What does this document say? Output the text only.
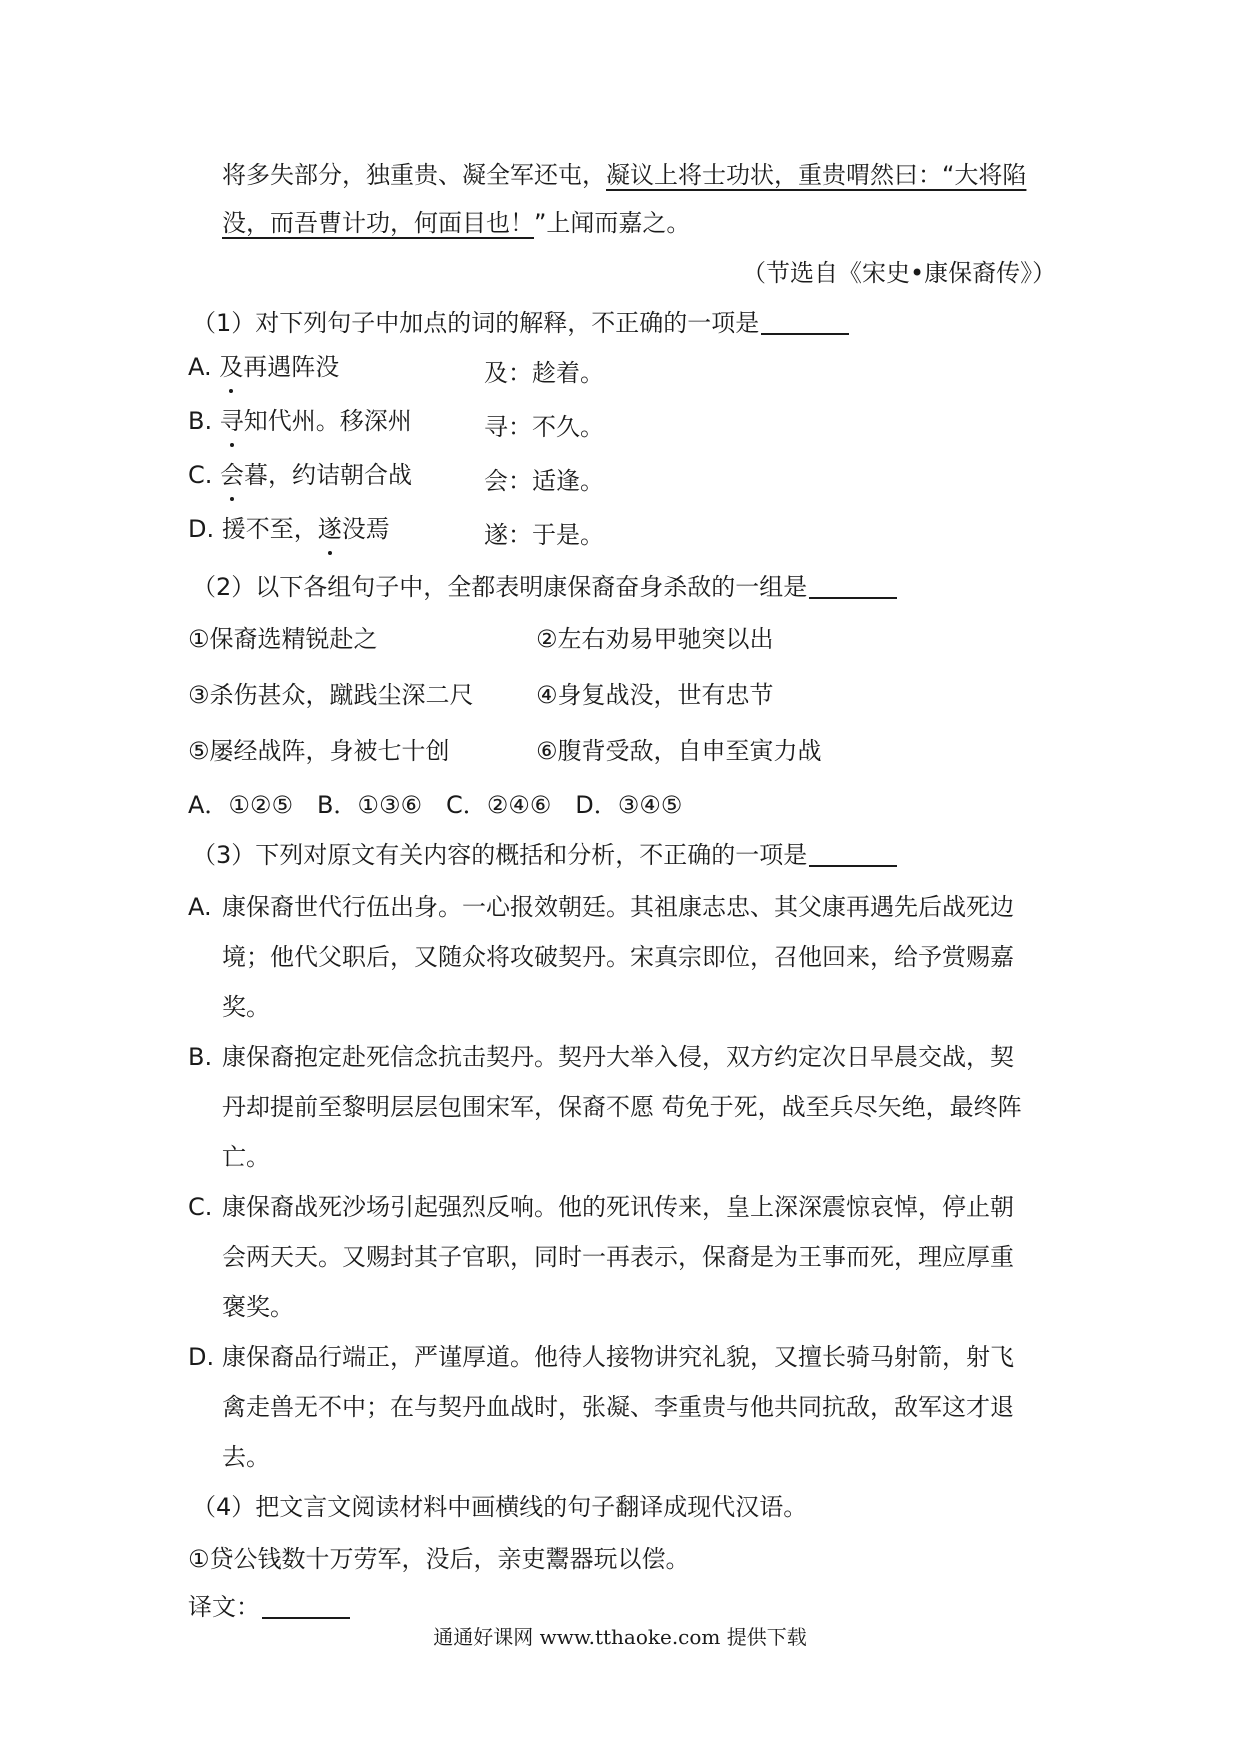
将多失部分，独重贵、凝全军还屯，凝议上将士功状，重贵喟然曰：“大将陷
没，而吾曹计功，何面目也！”上闻而嘉之。
（节选自《宋史•康保裔传》）
（1）对下列句子中加点的词的解释，不正确的一项是
A. 及再遇阵没	及：趁着。
B. 寻知代州。移深州	寻：不久。
C. 会暮，约诘朝合战	会：适逢。
D. 援不至，遂没焉	遂：于是。
（2）以下各组句子中，全都表明康保裔奋身杀敌的一组是
①保裔选精锐赴之	②左右劝易甲驰突以出
③杀伤甚众，蹴践尘深二尺	④身复战没，世有忠节
⑤屡经战阵，身被七十创	⑥腹背受敌，自申至寅力战
A．①②⑤　B．①③⑥　C．②④⑥　D．③④⑤
（3）下列对原文有关内容的概括和分析，不正确的一项是
A. 康保裔世代行伍出身。一心报效朝廷。其祖康志忠、其父康再遇先后战死边
境；他代父职后，又随众将攻破契丹。宋真宗即位，召他回来，给予赏赐嘉
奖。
B. 康保裔抱定赴死信念抗击契丹。契丹大举入侵，双方约定次日早晨交战，契
丹却提前至黎明层层包围宋军，保裔不愿 苟免于死，战至兵尽矢绝，最终阵
亡。
C. 康保裔战死沙场引起强烈反响。他的死讯传来，皇上深深震惊哀悼，停止朝
会两天天。又赐封其子官职，同时一再表示，保裔是为王事而死，理应厚重
褒奖。
D. 康保裔品行端正，严谨厚道。他待人接物讲究礼貌，又擅长骑马射箭，射飞
禽走兽无不中；在与契丹血战时，张凝、李重贵与他共同抗敌，敌军这才退
去。
（4）把文言文阅读材料中画横线的句子翻译成现代汉语。
①贷公钱数十万劳军，没后，亲吏鬻器玩以偿。
译文：
通通好课网 www.tthaoke.com 提供下载
